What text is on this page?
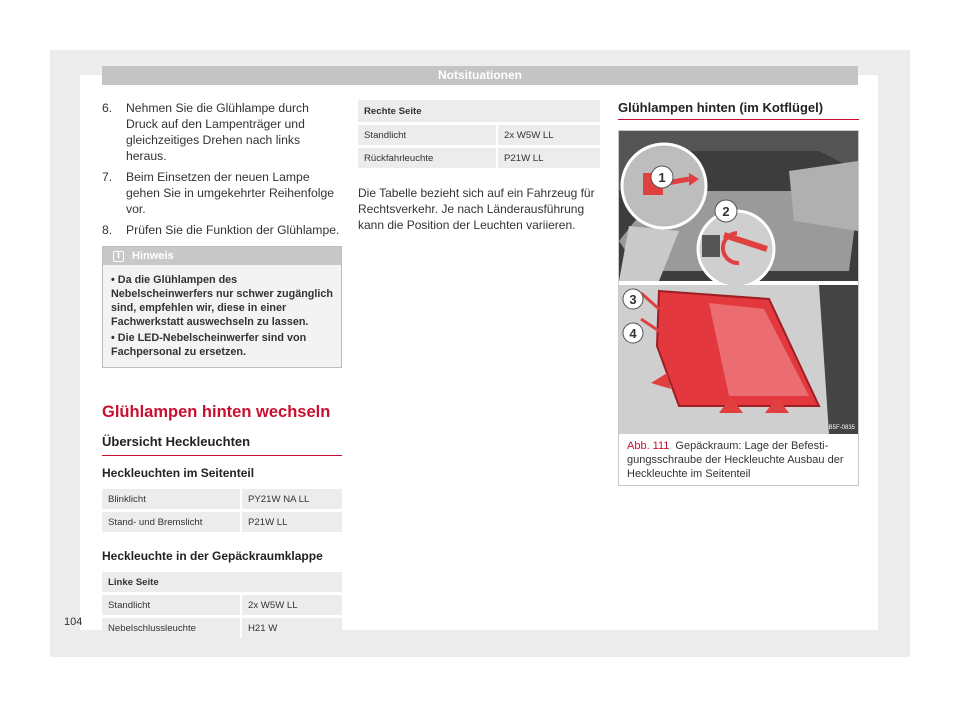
Notsituationen
6.	Nehmen Sie die Glühlampe durch Druck auf den Lampenträger und gleichzeitiges Drehen nach links heraus.
7.	Beim Einsetzen der neuen Lampe gehen Sie in umgekehrter Reihenfolge vor.
8.	Prüfen Sie die Funktion der Glühlampe.
i	Hinweis
• Da die Glühlampen des Nebelscheinwerfers nur schwer zugänglich sind, empfehlen wir, diese in einer Fachwerkstatt auswechseln zu lassen.
• Die LED-Nebelscheinwerfer sind von Fachpersonal zu ersetzen.
Glühlampen hinten wechseln
Übersicht Heckleuchten
Heckleuchten im Seitenteil
Blinklicht	PY21W NA LL
Stand- und Bremslicht	P21W LL
Heckleuchte in der Gepäckraumklappe
Linke Seite	
Standlicht	2x W5W LL
Nebelschlussleuchte	H21 W
Rechte Seite	
Standlicht	2x W5W LL
Rückfahrleuchte	P21W LL

Die Tabelle bezieht sich auf ein Fahrzeug für Rechtsverkehr. Je nach Länderausführung kann die Position der Leuchten variieren.

Glühlampen hinten (im Kotflügel)
1
2
3
4
B5F-0835
Abb. 111 Gepäckraum: Lage der Befestigungsschraube der Heckleuchte Ausbau der Heckleuchte im Seitenteil
104
